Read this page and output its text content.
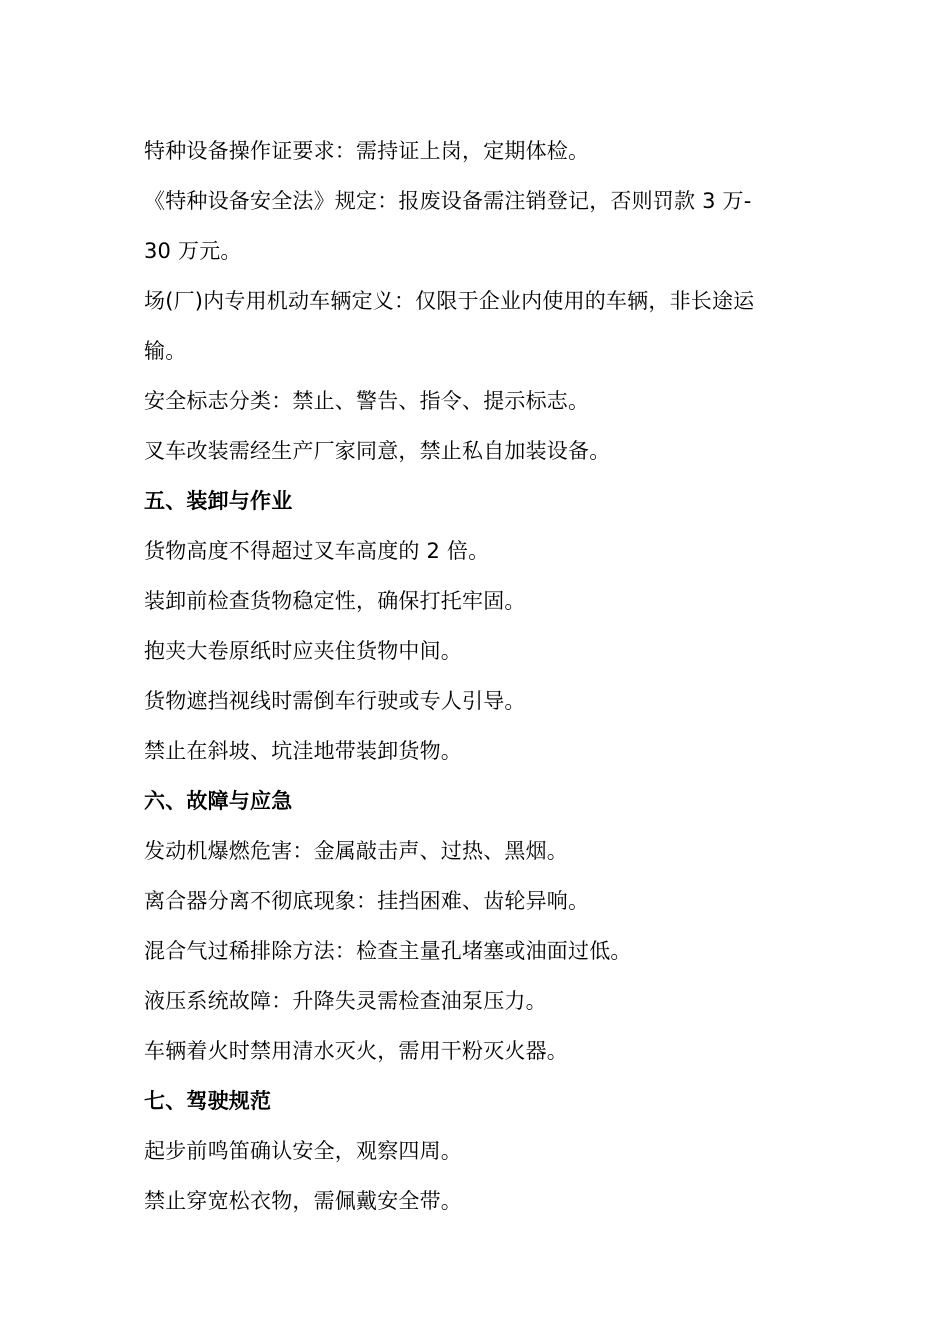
特种设备操作证要求：需持证上岗，定期体检。
《特种设备安全法》规定：报废设备需注销登记，否则罚款 3 万-
30 万元。
场(厂)内专用机动车辆定义：仅限于企业内使用的车辆，非长途运
输。
安全标志分类：禁止、警告、指令、提示标志。
叉车改装需经生产厂家同意，禁止私自加装设备。
五、装卸与作业
货物高度不得超过叉车高度的 2 倍。
装卸前检查货物稳定性，确保打托牢固。
抱夹大卷原纸时应夹住货物中间。
货物遮挡视线时需倒车行驶或专人引导。
禁止在斜坡、坑洼地带装卸货物。
六、故障与应急
发动机爆燃危害：金属敲击声、过热、黑烟。
离合器分离不彻底现象：挂挡困难、齿轮异响。
混合气过稀排除方法：检查主量孔堵塞或油面过低。
液压系统故障：升降失灵需检查油泵压力。
车辆着火时禁用清水灭火，需用干粉灭火器。
七、驾驶规范
起步前鸣笛确认安全，观察四周。
禁止穿宽松衣物，需佩戴安全带。
